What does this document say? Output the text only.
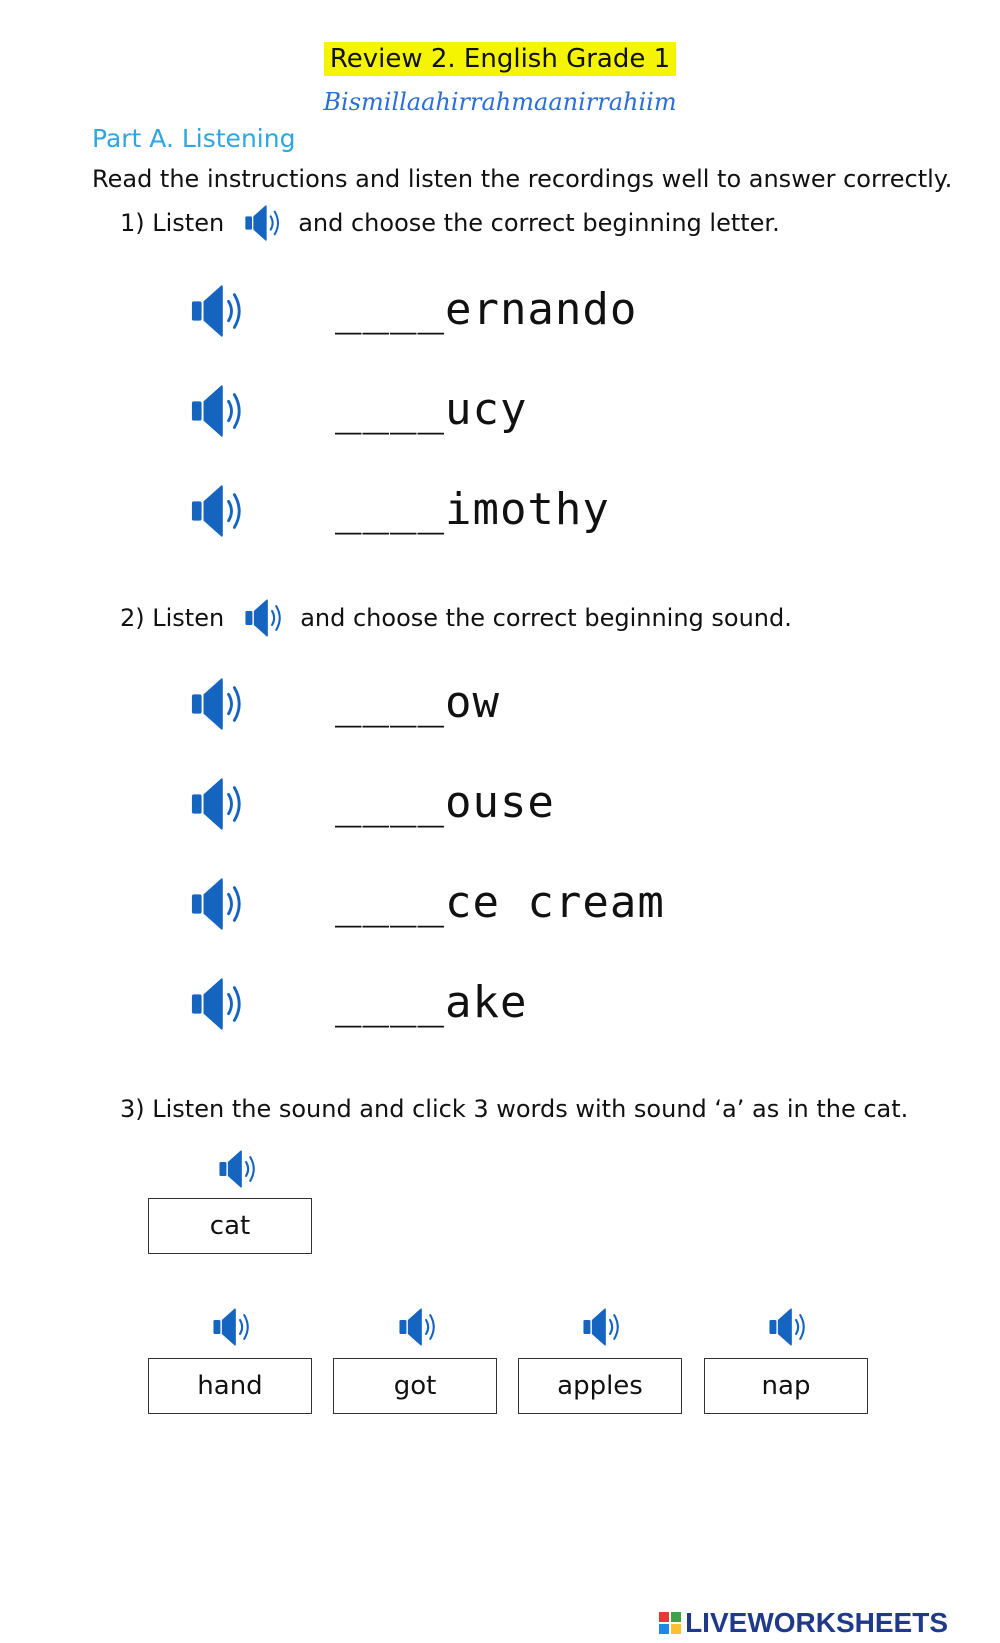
Review 2. English Grade 1
Bismillaahirrahmaanirrahiim
Part A. Listening
Read the instructions and listen the recordings well to answer correctly.
1) Listen	and choose the correct beginning letter.
____ernando
____ucy
____imothy
2) Listen	and choose the correct beginning sound.
____ow
____ouse
____ce cream
____ake
3) Listen the sound and click 3 words with sound ‘a’ as in the cat.
cat
hand	got	apples	nap
LIVEWORKSHEETS
